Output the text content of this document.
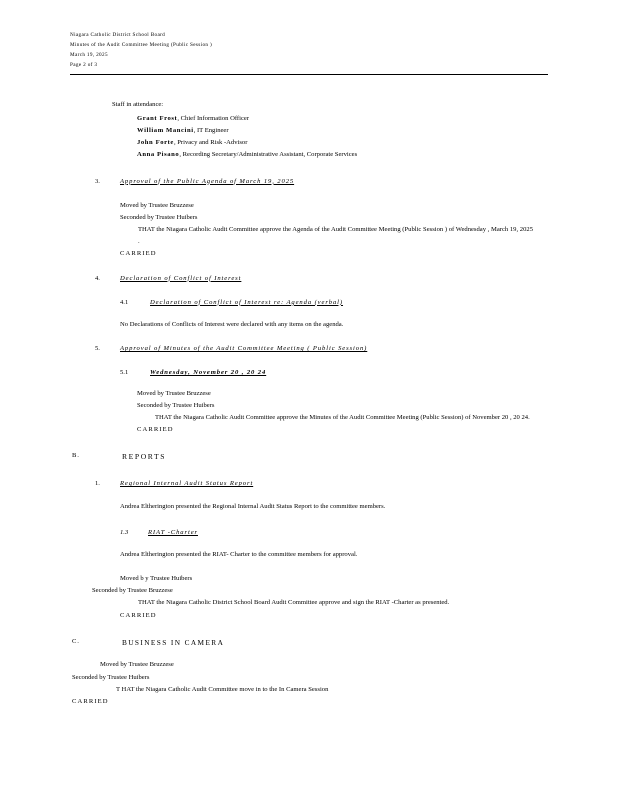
Niagara Catholic District School Board
Minutes of the Audit Committee Meeting (Public Session )
March 19, 2025
Page 2 of 3
Staff in attendance:
Grant Frost, Chief Information Officer
William Mancini, IT Engineer
John Forte, Privacy and Risk -Advisor
Anna Pisano, Recording Secretary/Administrative Assistant, Corporate Services
3.	Approval of the Public Agenda of March 19, 2025
Moved by Trustee Bruzzese
Seconded by Trustee Huibers
THAT the Niagara Catholic Audit Committee approve the Agenda of the Audit Committee Meeting (Public Session ) of Wednesday , March 19, 2025 .
CARRIED
4.	Declaration of Conflict of Interest
4.1	Declaration of Conflict of Interest re: Agenda (verbal)
No Declarations of Conflicts of Interest were declared with any items on the agenda.
5.	Approval of Minutes of the Audit Committee Meeting ( Public Session)
5.1	Wednesday, November 20 , 20 24
Moved by Trustee Bruzzese
Seconded by Trustee Huibers
THAT the Niagara Catholic Audit Committee approve the Minutes of the Audit Committee Meeting (Public Session) of November 20 , 20 24.
CARRIED
B.	REPORTS
1.	Regional Internal Audit Status Report
Andrea Eltherington presented the Regional Internal Audit Status Report to the committee members.
1.3	RIAT -Charter
Andrea Eltherington presented the RIAT- Charter to the committee members for approval.
Moved b y Trustee Huibers
Seconded by Trustee Bruzzese
THAT the Niagara Catholic District School Board Audit Committee approve and sign the RIAT -Charter as presented.
CARRIED
C.	BUSINESS IN CAMERA
Moved by Trustee Bruzzese
Seconded by Trustee Huibers
T HAT the Niagara Catholic Audit Committee move in to the In Camera Session
CARRIED
